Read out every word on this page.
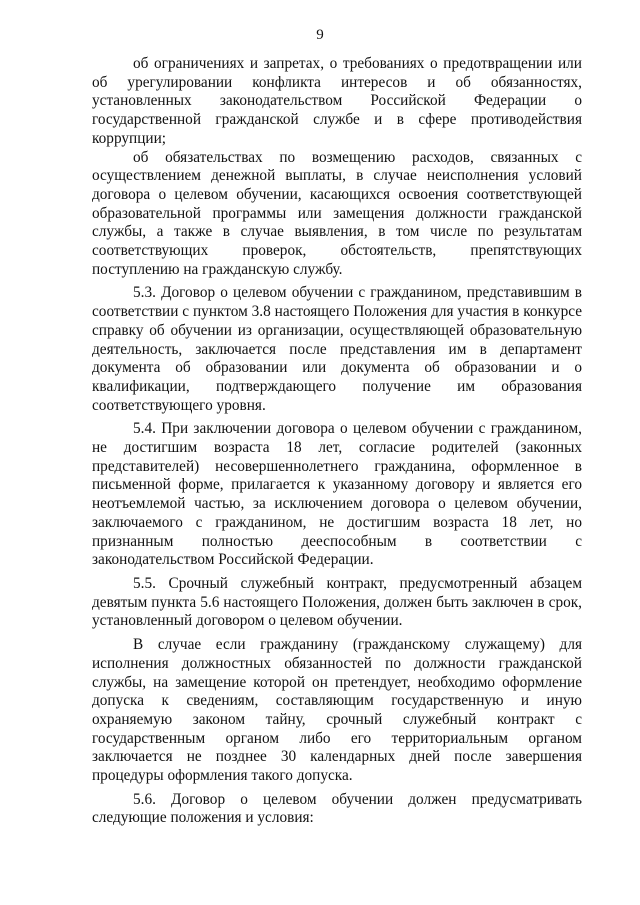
9

об ограничениях и запретах, о требованиях о предотвращении или об урегулировании конфликта интересов и об обязанностях, установленных законодательством Российской Федерации о государственной гражданской службе и в сфере противодействия коррупции;

об обязательствах по возмещению расходов, связанных с осуществлением денежной выплаты, в случае неисполнения условий договора о целевом обучении, касающихся освоения соответствующей образовательной программы или замещения должности гражданской службы, а также в случае выявления, в том числе по результатам соответствующих проверок, обстоятельств, препятствующих поступлению на гражданскую службу.

5.3. Договор о целевом обучении с гражданином, представившим в соответствии с пунктом 3.8 настоящего Положения для участия в конкурсе справку об обучении из организации, осуществляющей образовательную деятельность, заключается после представления им в департамент документа об образовании или документа об образовании и о квалификации, подтверждающего получение им образования соответствующего уровня.

5.4. При заключении договора о целевом обучении с гражданином, не достигшим возраста 18 лет, согласие родителей (законных представителей) несовершеннолетнего гражданина, оформленное в письменной форме, прилагается к указанному договору и является его неотъемлемой частью, за исключением договора о целевом обучении, заключаемого с гражданином, не достигшим возраста 18 лет, но признанным полностью дееспособным в соответствии с законодательством Российской Федерации.

5.5. Срочный служебный контракт, предусмотренный абзацем девятым пункта 5.6 настоящего Положения, должен быть заключен в срок, установленный договором о целевом обучении.

В случае если гражданину (гражданскому служащему) для исполнения должностных обязанностей по должности гражданской службы, на замещение которой он претендует, необходимо оформление допуска к сведениям, составляющим государственную и иную охраняемую законом тайну, срочный служебный контракт с государственным органом либо его территориальным органом заключается не позднее 30 календарных дней после завершения процедуры оформления такого допуска.

5.6. Договор о целевом обучении должен предусматривать следующие положения и условия:
